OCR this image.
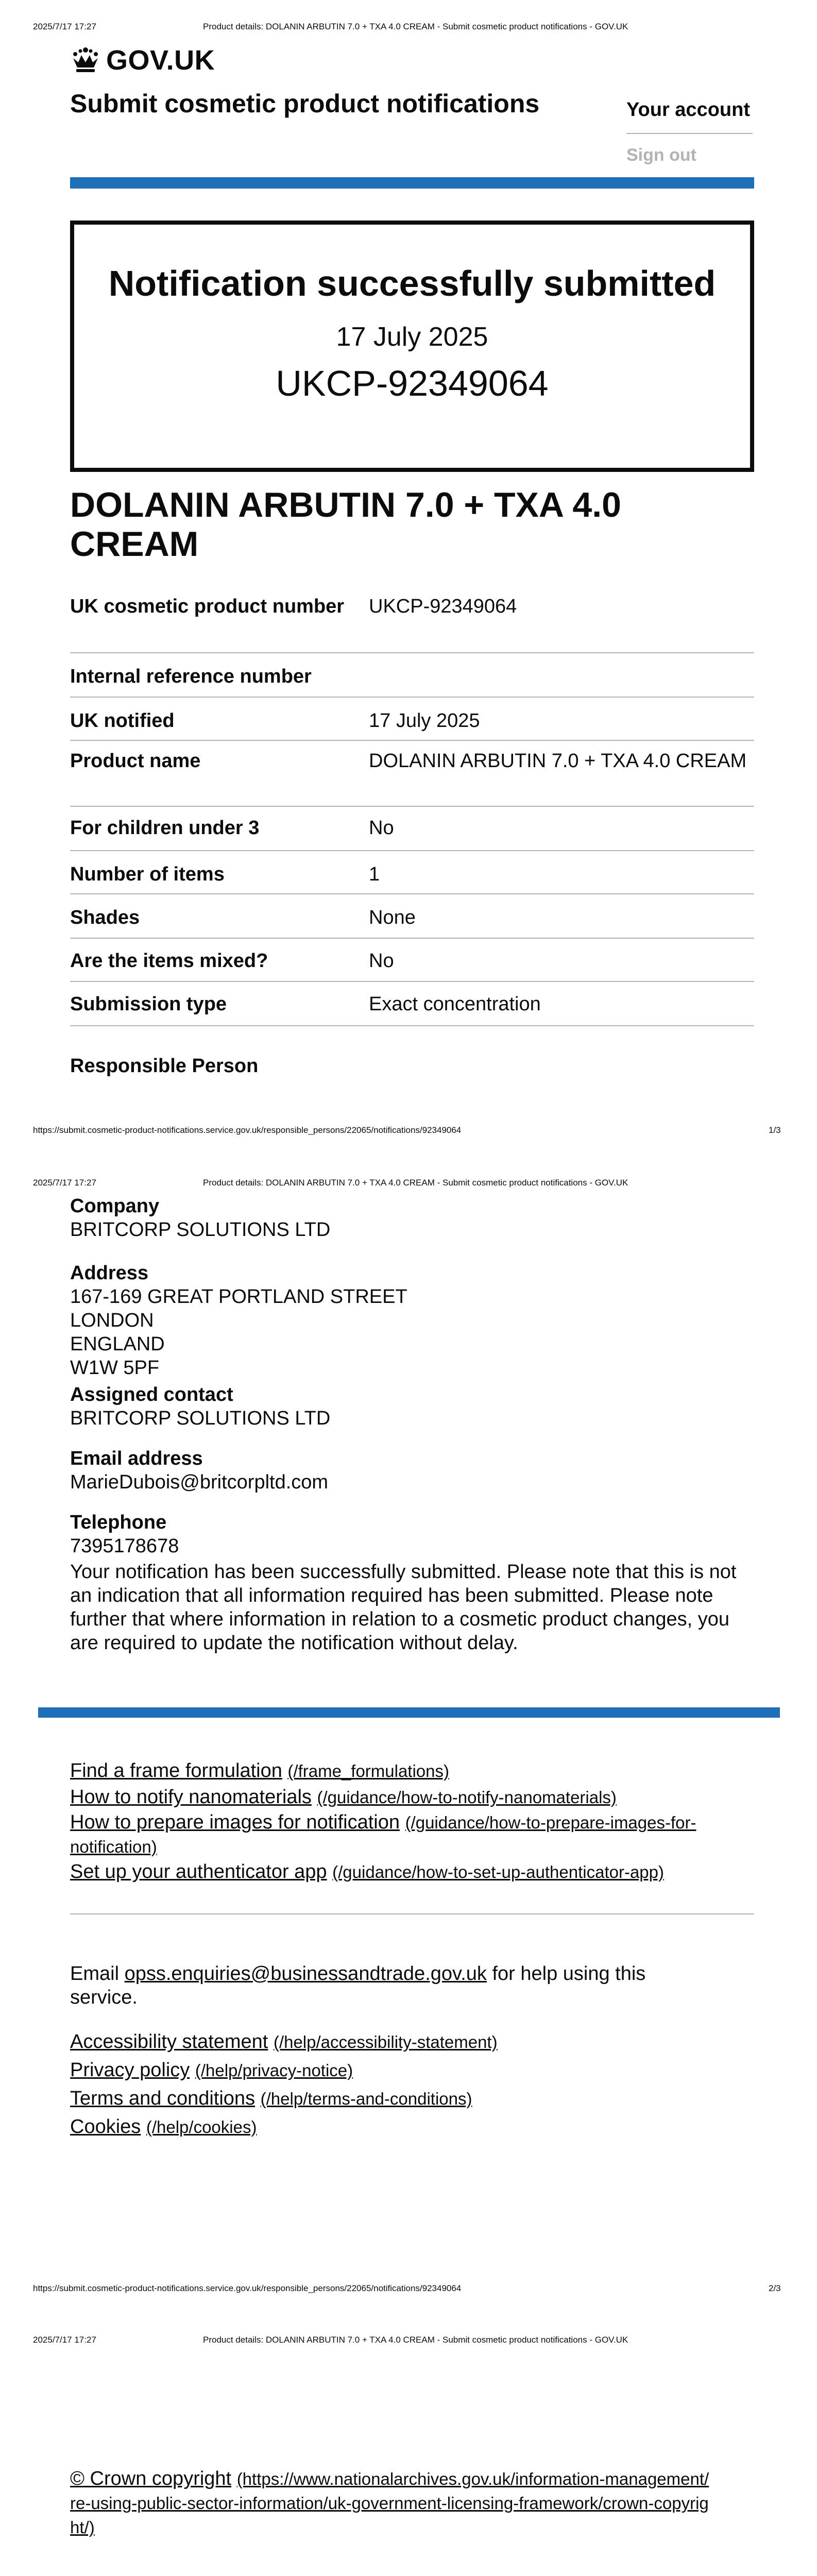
2025/7/17 17:27	Product details: DOLANIN ARBUTIN 7.0 + TXA 4.0 CREAM - Submit cosmetic product notifications - GOV.UK
GOV.UK
Submit cosmetic product notifications	Your account
Sign out
Notification successfully submitted
17 July 2025
UKCP-92349064
DOLANIN ARBUTIN 7.0 + TXA 4.0 CREAM
UK cosmetic product number	UKCP-92349064
Internal reference number
UK notified	17 July 2025
Product name	DOLANIN ARBUTIN 7.0 + TXA 4.0 CREAM
For children under 3	No
Number of items	1
Shades	None
Are the items mixed?	No
Submission type	Exact concentration
Responsible Person
https://submit.cosmetic-product-notifications.service.gov.uk/responsible_persons/22065/notifications/92349064	1/3
2025/7/17 17:27	Product details: DOLANIN ARBUTIN 7.0 + TXA 4.0 CREAM - Submit cosmetic product notifications - GOV.UK
Company
BRITCORP SOLUTIONS LTD
Address
167-169 GREAT PORTLAND STREET
LONDON
ENGLAND
W1W 5PF
Assigned contact
BRITCORP SOLUTIONS LTD
Email address
MarieDubois@britcorpltd.com
Telephone
7395178678
Your notification has been successfully submitted. Please note that this is not an indication that all information required has been submitted. Please note further that where information in relation to a cosmetic product changes, you are required to update the notification without delay.
Find a frame formulation (/frame_formulations)
How to notify nanomaterials (/guidance/how-to-notify-nanomaterials)
How to prepare images for notification (/guidance/how-to-prepare-images-for-notification)
Set up your authenticator app (/guidance/how-to-set-up-authenticator-app)
Email opss.enquiries@businessandtrade.gov.uk for help using this service.
Accessibility statement (/help/accessibility-statement)
Privacy policy (/help/privacy-notice)
Terms and conditions (/help/terms-and-conditions)
Cookies (/help/cookies)
https://submit.cosmetic-product-notifications.service.gov.uk/responsible_persons/22065/notifications/92349064	2/3
2025/7/17 17:27	Product details: DOLANIN ARBUTIN 7.0 + TXA 4.0 CREAM - Submit cosmetic product notifications - GOV.UK
© Crown copyright (https://www.nationalarchives.gov.uk/information-management/re-using-public-sector-information/uk-government-licensing-framework/crown-copyright/)
